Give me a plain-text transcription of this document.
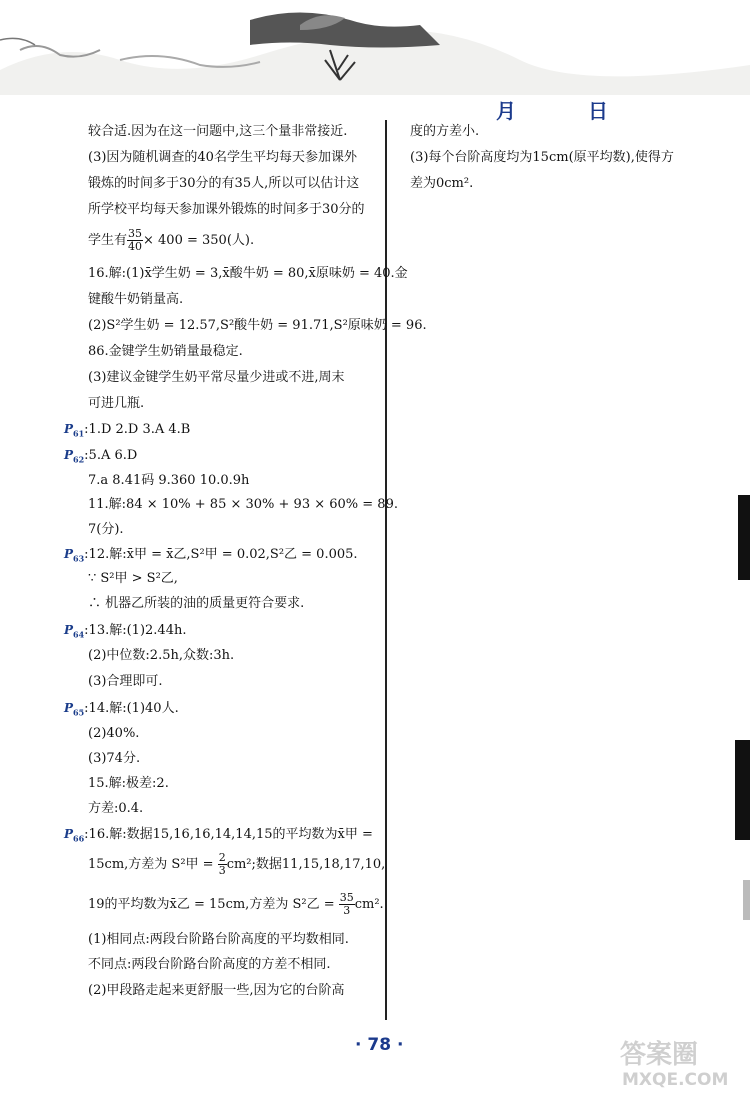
月	日
较合适.因为在这一问题中,这三个量非常接近.
(3)因为随机调查的40名学生平均每天参加课外
锻炼的时间多于30分的有35人,所以可以估计这
所学校平均每天参加课外锻炼的时间多于30分的
学生有 $\frac{35}{40} \times 400 = 350$(人).
16.解:(1)x̄学生奶 = 3,x̄酸牛奶 = 80,x̄原味奶 = 40.金
键酸牛奶销量高.
(2)S²学生奶 = 12.57,S²酸牛奶 = 91.71,S²原味奶 = 96.
86.金键学生奶销量最稳定.
(3)建议金键学生奶平常尽量少进或不进,周末
可进几瓶.
$P_{61}:1.D$ 2.D 3.A 4.B
$P_{62}:5.A$ 6.D
7.a 8.41码 9.360 10.0.9h
11.解:84 × 10% + 85 × 30% + 93 × 60% = 89.
7(分).
$P_{63}:12$.解:x̄甲 = x̄乙,S²甲 = 0.02,S²乙 = 0.005.
∵ S²甲 > S²乙,
∴ 机器乙所装的油的质量更符合要求.
$P_{64}:13$.解:(1)2.44h.
(2)中位数:2.5h,众数:3h.
(3)合理即可.
$P_{65}:14$.解:(1)40人.
(2)40%.
(3)74分.
15.解:极差:2.
方差:0.4.
$P_{66}:16$.解:数据15,16,16,14,14,15的平均数为x̄甲 =
15cm,方差为 S²甲 = $\frac{2}{3} cm^2$;数据11,15,18,17,10,
19的平均数为x̄乙 = 15cm,方差为 S²乙 = $\frac{35}{3} cm^2$.
(1)相同点:两段台阶路台阶高度的平均数相同.
不同点:两段台阶路台阶高度的方差不相同.
(2)甲段路走起来更舒服一些,因为它的台阶高
度的方差小.
(3)每个台阶高度均为15cm(原平均数),使得方
差为0cm².
· 78 ·	答案圈
MXQE.COM
